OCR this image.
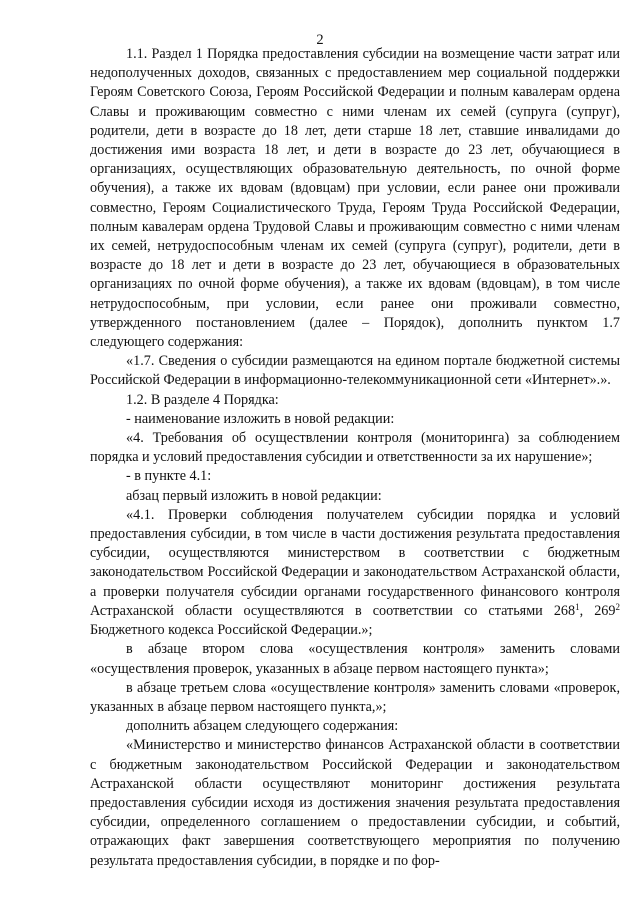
2

1.1. Раздел 1 Порядка предоставления субсидии на возмещение части затрат или недополученных доходов, связанных с предоставлением мер социальной поддержки Героям Советского Союза, Героям Российской Федерации и полным кавалерам ордена Славы и проживающим совместно с ними членам их семей (супруга (супруг), родители, дети в возрасте до 18 лет, дети старше 18 лет, ставшие инвалидами до достижения ими возраста 18 лет, и дети в возрасте до 23 лет, обучающиеся в организациях, осуществляющих образовательную деятельность, по очной форме обучения), а также их вдовам (вдовцам) при условии, если ранее они проживали совместно, Героям Социалистического Труда, Героям Труда Российской Федерации, полным кавалерам ордена Трудовой Славы и проживающим совместно с ними членам их семей, нетрудоспособным членам их семей (супруга (супруг), родители, дети в возрасте до 18 лет и дети в возрасте до 23 лет, обучающиеся в образовательных организациях по очной форме обучения), а также их вдовам (вдовцам), в том числе нетрудоспособным, при условии, если ранее они проживали совместно, утвержденного постановлением (далее – Порядок), дополнить пунктом 1.7 следующего содержания:

«1.7. Сведения о субсидии размещаются на едином портале бюджетной системы Российской Федерации в информационно-телекоммуникационной сети «Интернет».».

1.2. В разделе 4 Порядка:

- наименование изложить в новой редакции:

«4. Требования об осуществлении контроля (мониторинга) за соблюдением порядка и условий предоставления субсидии и ответственности за их нарушение»;

- в пункте 4.1:

абзац первый изложить в новой редакции:

«4.1. Проверки соблюдения получателем субсидии порядка и условий предоставления субсидии, в том числе в части достижения результата предоставления субсидии, осуществляются министерством в соответствии с бюджетным законодательством Российской Федерации и законодательством Астраханской области, а проверки получателя субсидии органами государственного финансового контроля Астраханской области осуществляются в соответствии со статьями $268^1$, $269^2$ Бюджетного кодекса Российской Федерации.»;

в абзаце втором слова «осуществления контроля» заменить словами «осуществления проверок, указанных в абзаце первом настоящего пункта»;

в абзаце третьем слова «осуществление контроля» заменить словами «проверок, указанных в абзаце первом настоящего пункта,»;

дополнить абзацем следующего содержания:

«Министерство и министерство финансов Астраханской области в соответствии с бюджетным законодательством Российской Федерации и законодательством Астраханской области осуществляют мониторинг достижения результата предоставления субсидии исходя из достижения значения результата предоставления субсидии, определенного соглашением о предоставлении субсидии, и событий, отражающих факт завершения соответствующего мероприятия по получению результата предоставления субсидии, в порядке и по фор-
